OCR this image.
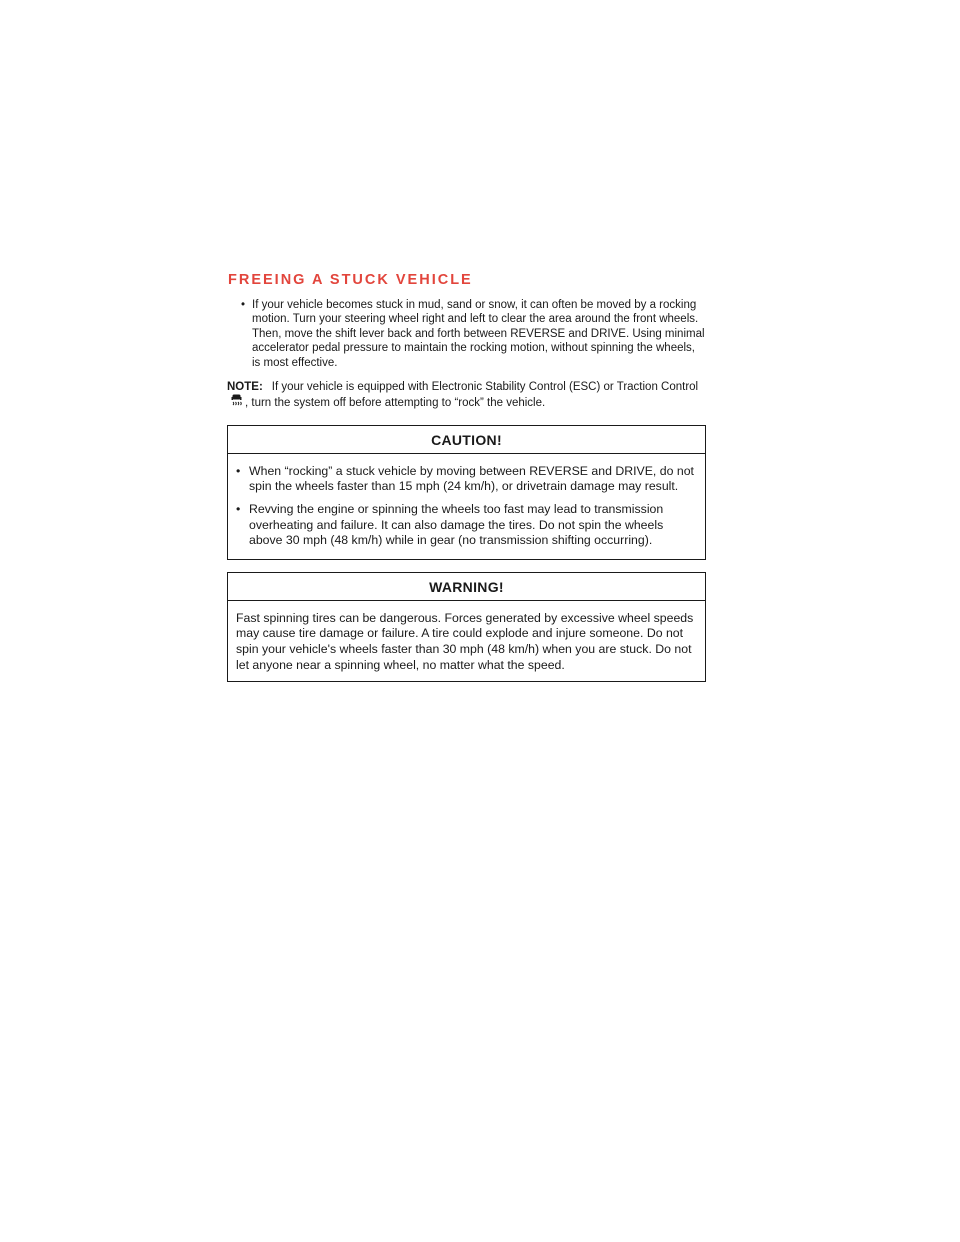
FREEING A STUCK VEHICLE
• If your vehicle becomes stuck in mud, sand or snow, it can often be moved by a rocking motion. Turn your steering wheel right and left to clear the area around the front wheels. Then, move the shift lever back and forth between REVERSE and DRIVE. Using minimal accelerator pedal pressure to maintain the rocking motion, without spinning the wheels, is most effective.

NOTE: If your vehicle is equipped with Electronic Stability Control (ESC) or Traction Control, turn the system off before attempting to “rock” the vehicle.

CAUTION!
• When “rocking” a stuck vehicle by moving between REVERSE and DRIVE, do not spin the wheels faster than 15 mph (24 km/h), or drivetrain damage may result.
• Revving the engine or spinning the wheels too fast may lead to transmission overheating and failure. It can also damage the tires. Do not spin the wheels above 30 mph (48 km/h) while in gear (no transmission shifting occurring).
WARNING!

Fast spinning tires can be dangerous. Forces generated by excessive wheel speeds may cause tire damage or failure. A tire could explode and injure someone. Do not spin your vehicle's wheels faster than 30 mph (48 km/h) when you are stuck. Do not let anyone near a spinning wheel, no matter what the speed.
